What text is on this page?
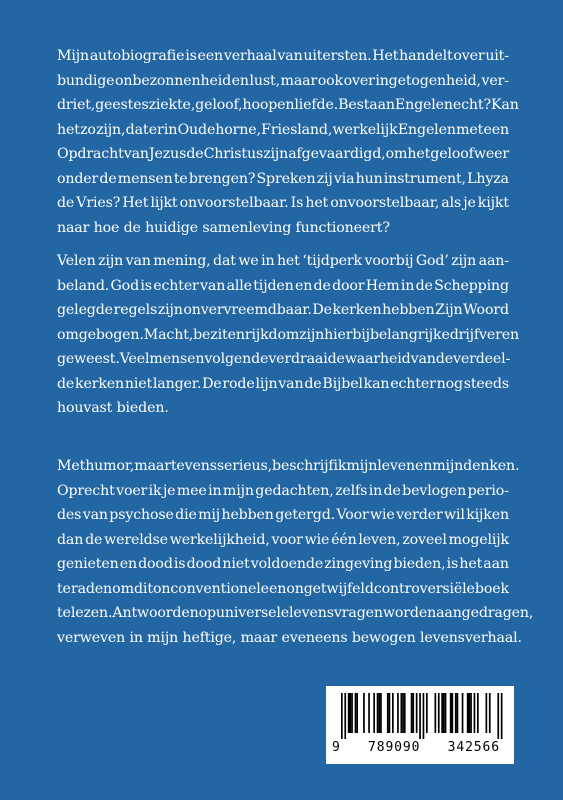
Mijn autobiografie is een verhaal van uitersten. Het handelt over uit-
bundige onbezonnenheid en lust, maar ook over ingetogenheid, ver-
driet, geestesziekte, geloof, hoop en liefde. Bestaan Engelen echt? Kan
het zo zijn, dat er in Oudehorne, Friesland, werkelijk Engelen met een
Opdracht van Jezus de Christus zijn afgevaardigd, om het geloof weer
onder de mensen te brengen? Spreken zij via hun instrument, Lhyza
de Vries? Het lijkt onvoorstelbaar. Is het onvoorstelbaar, als je kijkt
naar hoe de huidige samenleving functioneert?
Velen zijn van mening, dat we in het ‘tijdperk voorbij God’ zijn aan-
beland. God is echter van alle tijden en de door Hem in de Schepping
gelegde regels zijn onvervreemdbaar. De kerken hebben Zijn Woord
omgebogen. Macht, bezit en rijkdom zijn hierbij belangrijke drijfveren
geweest. Veel mensen volgen de verdraaide waarheid van de verdeel-
de kerken niet langer. De rode lijn van de Bijbel kan echter nog steeds
houvast bieden.
Met humor, maar tevens serieus, beschrijf ik mijn leven en mijn denken.
Oprecht voer ik je mee in mijn gedachten, zelfs in de bevlogen perio-
des van psychose die mij hebben getergd. Voor wie verder wil kijken
dan de wereldse werkelijkheid, voor wie één leven, zoveel mogelijk
genieten en dood is dood niet voldoende zingeving bieden, is het aan
te raden om dit onconventionele en ongetwijfeld controversiële boek
te lezen. Antwoorden op universele levensvragen worden aangedragen,
verweven in mijn heftige, maar eveneens bewogen levensverhaal.
9 789090 342566
